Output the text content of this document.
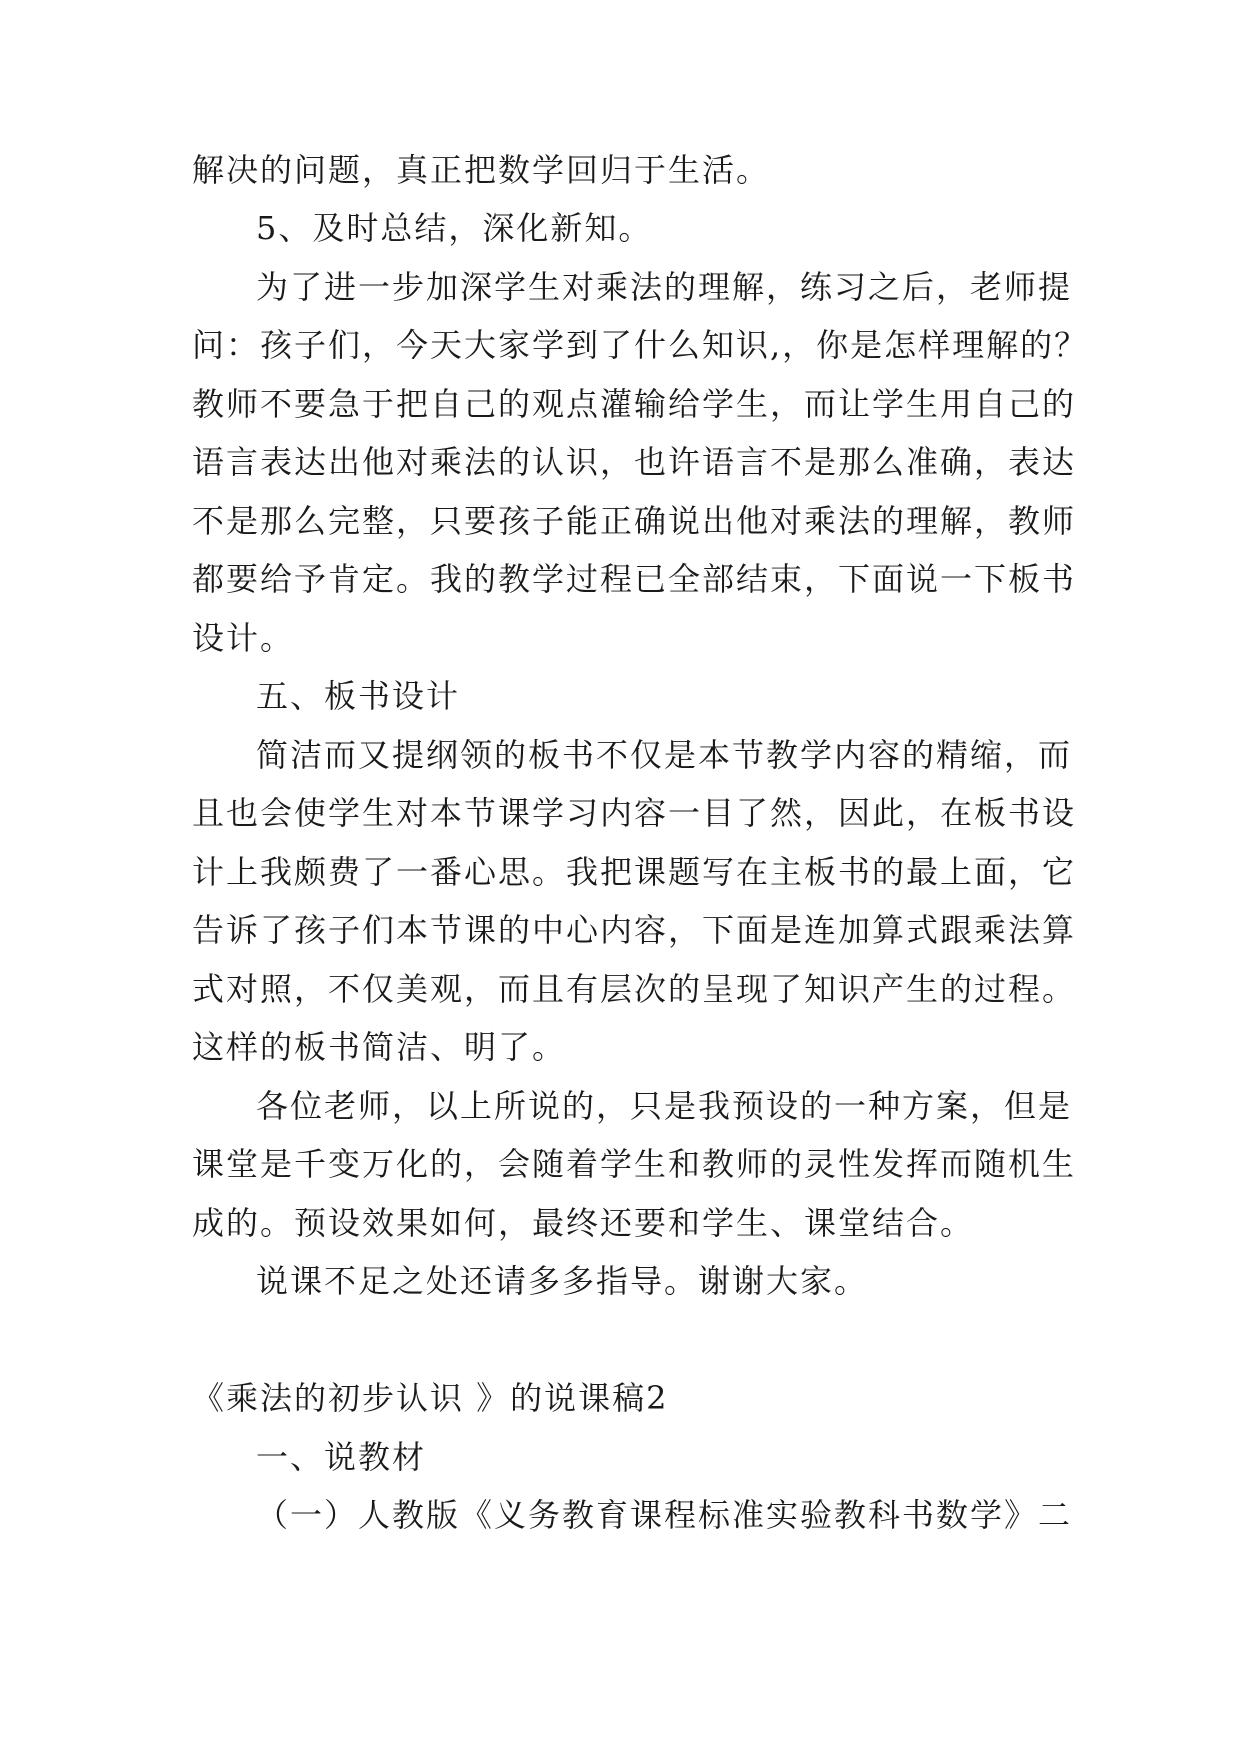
解决的问题，真正把数学回归于生活。
5、及时总结，深化新知。
为了进一步加深学生对乘法的理解，练习之后，老师提
问：孩子们，今天大家学到了什么知识,，你是怎样理解的？
教师不要急于把自己的观点灌输给学生，而让学生用自己的
语言表达出他对乘法的认识，也许语言不是那么准确，表达
不是那么完整，只要孩子能正确说出他对乘法的理解，教师
都要给予肯定。我的教学过程已全部结束，下面说一下板书
设计。
五、板书设计
简洁而又提纲领的板书不仅是本节教学内容的精缩，而
且也会使学生对本节课学习内容一目了然，因此，在板书设
计上我颇费了一番心思。我把课题写在主板书的最上面，它
告诉了孩子们本节课的中心内容，下面是连加算式跟乘法算
式对照，不仅美观，而且有层次的呈现了知识产生的过程。
这样的板书简洁、明了。
各位老师，以上所说的，只是我预设的一种方案，但是
课堂是千变万化的，会随着学生和教师的灵性发挥而随机生
成的。预设效果如何，最终还要和学生、课堂结合。
说课不足之处还请多多指导。谢谢大家。
《乘法的初步认识 》的说课稿2
一、说教材
（一）人教版《义务教育课程标准实验教科书数学》二
